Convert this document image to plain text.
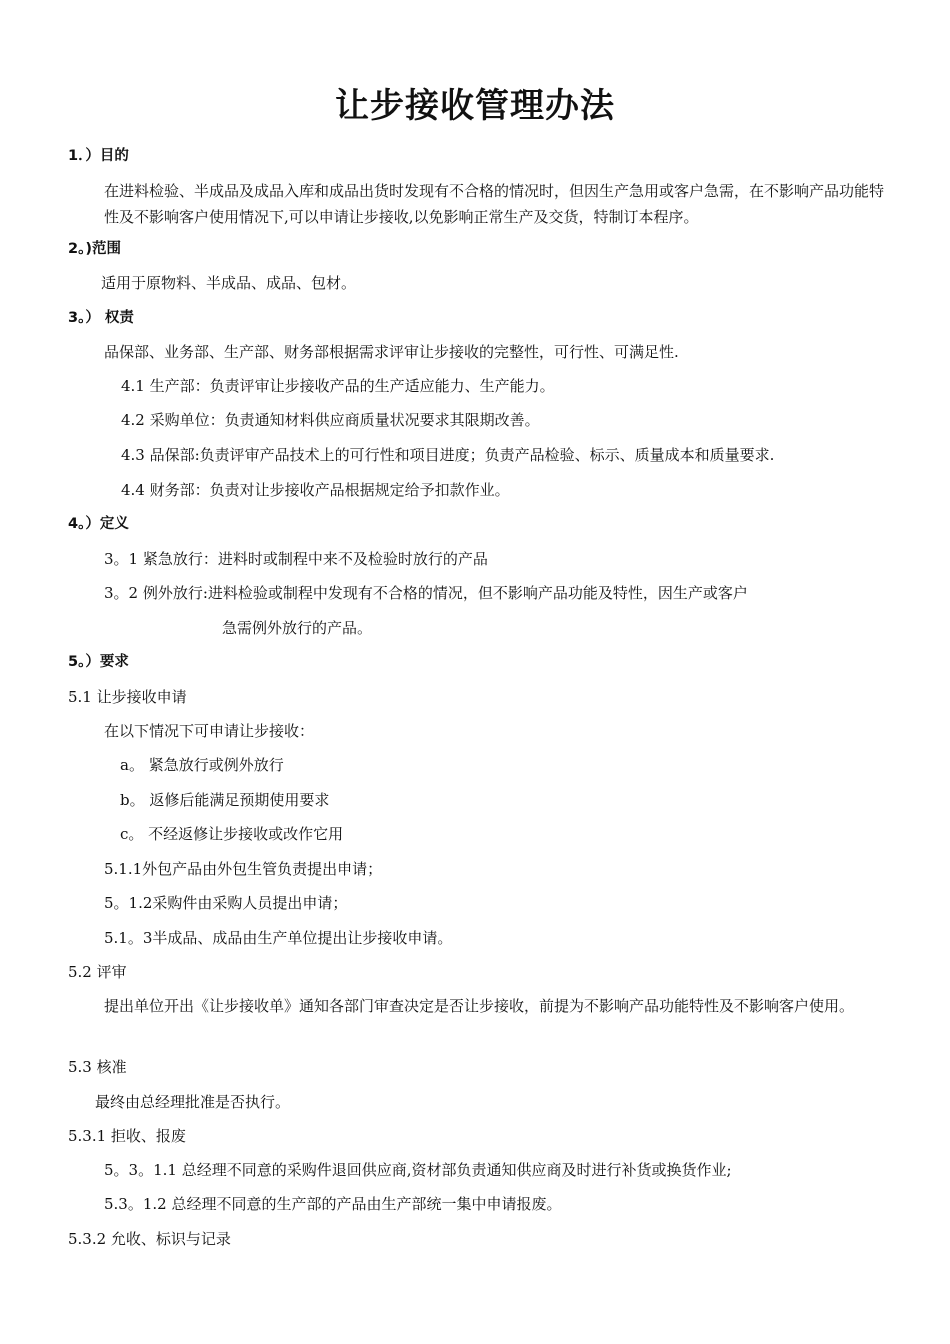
让步接收管理办法
1．）目的
在进料检验、半成品及成品入库和成品出货时发现有不合格的情况时，但因生产急用或客户急需，在不影响产品功能特性及不影响客户使用情况下,可以申请让步接收,以免影响正常生产及交货，特制订本程序。
2。)范围
适用于原物料、半成品、成品、包材。
3。） 权责
品保部、业务部、生产部、财务部根据需求评审让步接收的完整性，可行性、可满足性.
4.1 生产部：负责评审让步接收产品的生产适应能力、生产能力。
4.2 采购单位：负责通知材料供应商质量状况要求其限期改善。
4.3 品保部:负责评审产品技术上的可行性和项目进度；负责产品检验、标示、质量成本和质量要求.
4.4 财务部：负责对让步接收产品根据规定给予扣款作业。
4。）定义
3。1 紧急放行：进料时或制程中来不及检验时放行的产品
3。2 例外放行:进料检验或制程中发现有不合格的情况，但不影响产品功能及特性，因生产或客户
急需例外放行的产品。
5。）要求
5.1 让步接收申请
在以下情况下可申请让步接收：
a。 紧急放行或例外放行
b。 返修后能满足预期使用要求
c。 不经返修让步接收或改作它用
5.1.1外包产品由外包生管负责提出申请；
5。1.2采购件由采购人员提出申请；
5.1。3半成品、成品由生产单位提出让步接收申请。
5.2 评审
提出单位开出《让步接收单》通知各部门审查决定是否让步接收，前提为不影响产品功能特性及不影响客户使用。
5.3 核准
最终由总经理批准是否执行。
5.3.1 拒收、报废
5。3。1.1 总经理不同意的采购件退回供应商,资材部负责通知供应商及时进行补货或换货作业;
5.3。1.2 总经理不同意的生产部的产品由生产部统一集中申请报废。
5.3.2 允收、标识与记录
